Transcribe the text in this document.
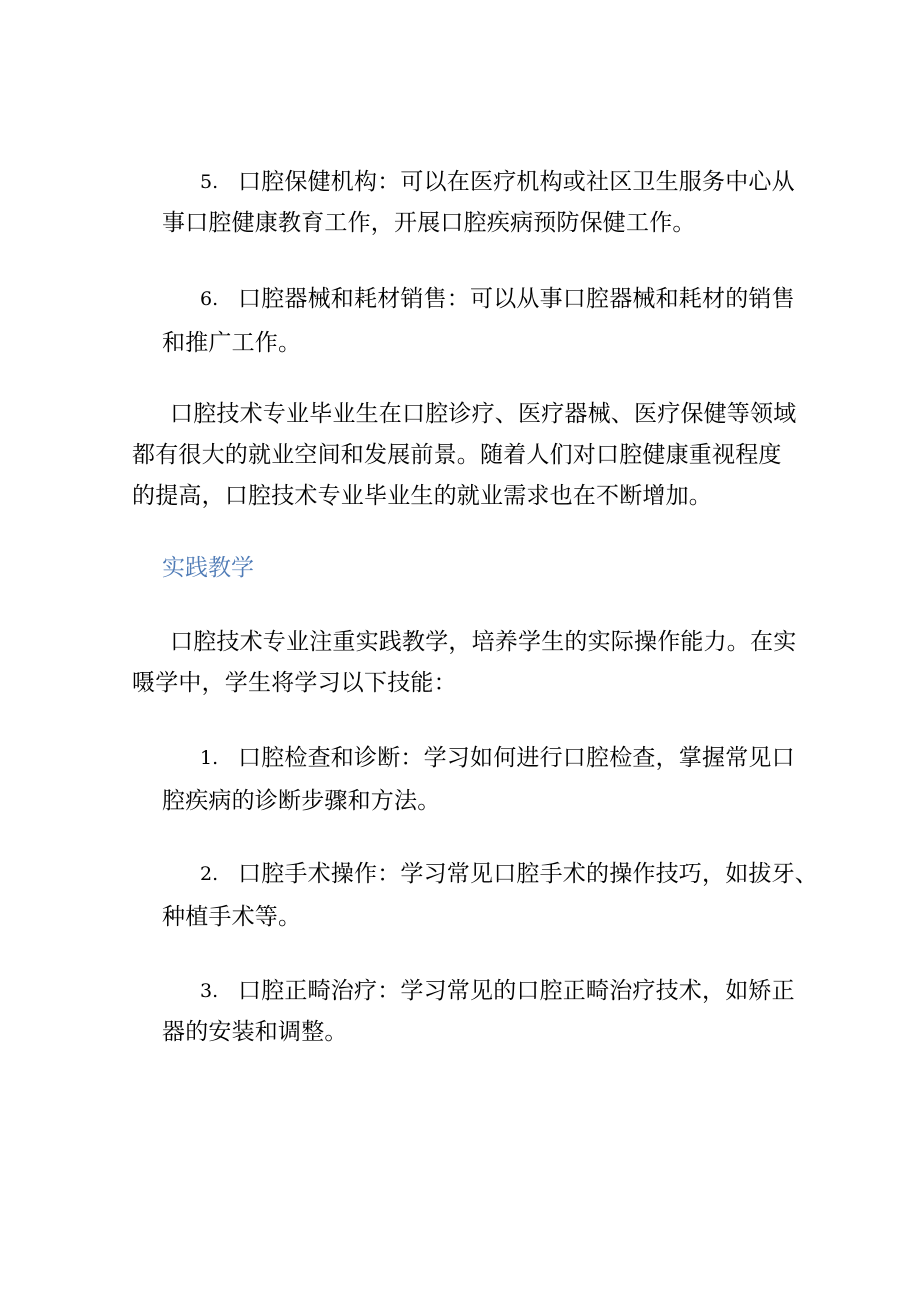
5. 口腔保健机构：可以在医疗机构或社区卫生服务中心从
事口腔健康教育工作，开展口腔疾病预防保健工作。
6. 口腔器械和耗材销售：可以从事口腔器械和耗材的销售
和推广工作。
口腔技术专业毕业生在口腔诊疗、医疗器械、医疗保健等领域
都有很大的就业空间和发展前景。随着人们对口腔健康重视程度
的提高，口腔技术专业毕业生的就业需求也在不断增加。
实践教学
口腔技术专业注重实践教学，培养学生的实际操作能力。在实
嗫学中，学生将学习以下技能：
1. 口腔检查和诊断：学习如何进行口腔检查，掌握常见口
腔疾病的诊断步骤和方法。
2. 口腔手术操作：学习常见口腔手术的操作技巧，如拔牙、
种植手术等。
3. 口腔正畸治疗：学习常见的口腔正畸治疗技术，如矫正
器的安装和调整。
